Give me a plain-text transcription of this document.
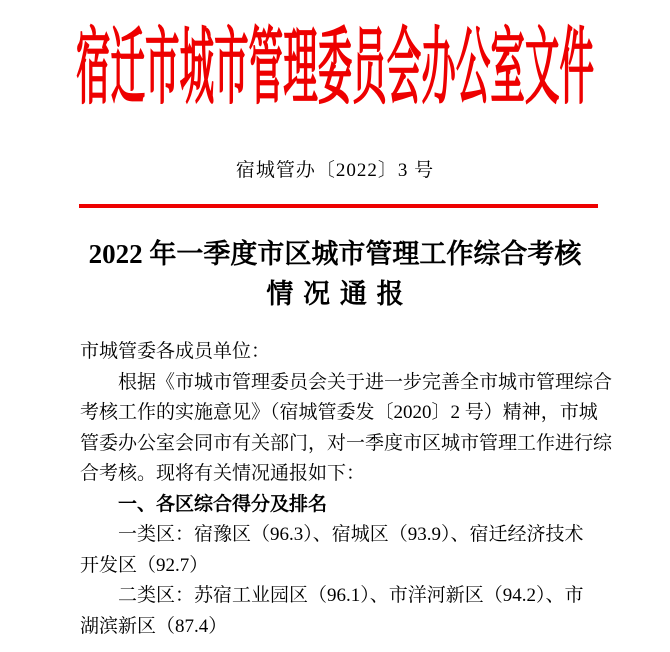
宿迁市城市管理委员会办公室文件
宿城管办〔2022〕3 号
2022 年一季度市区城市管理工作综合考核
情 况 通 报
市城管委各成员单位：
根据《市城市管理委员会关于进一步完善全市城市管理综合
考核工作的实施意见》（宿城管委发〔2020〕2 号）精神，市城
管委办公室会同市有关部门，对一季度市区城市管理工作进行综
合考核。现将有关情况通报如下：
一、各区综合得分及排名
一类区：宿豫区（96.3）、宿城区（93.9）、宿迁经济技术
开发区（92.7）
二类区：苏宿工业园区（96.1）、市洋河新区（94.2）、市
湖滨新区（87.4）
